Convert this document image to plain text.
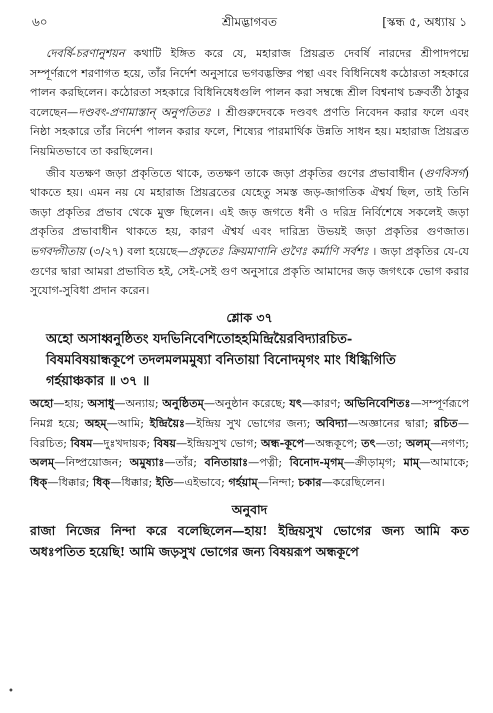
৬০	শ্রীমদ্ভাগবত	[স্কন্ধ ৫, অধ্যায় ১

দেবর্ষি-চরণানুশয়ন কথাটি ইঙ্গিত করে যে, মহারাজ প্রিয়ব্রত দেবর্ষি নারদের শ্রীপাদপদ্মে সম্পূর্ণরূপে শরণাগত হয়ে, তাঁর নির্দেশ অনুসারে ভগবদ্ভক্তির পন্থা এবং বিধিনিষেধ কঠোরতা সহকারে পালন করছিলেন। কঠোরতা সহকারে বিধিনিষেধগুলি পালন করা সম্বন্ধে শ্রীল বিশ্বনাথ চক্রবর্তী ঠাকুর বলেছেন—দণ্ডবৎ-প্রণামাস্তান্ অনুপতিতঃ । শ্রীগুরুদেবকে দণ্ডবৎ প্রণতি নিবেদন করার ফলে এবং নিষ্ঠা সহকারে তাঁর নির্দেশ পালন করার ফলে, শিষ্যের পারমার্থিক উন্নতি সাধন হয়। মহারাজ প্রিয়ব্রত নিয়মিতভাবে তা করছিলেন।

জীব যতক্ষণ জড়া প্রকৃতিতে থাকে, ততক্ষণ তাকে জড়া প্রকৃতির গুণের প্রভাবাধীন (গুণবিসর্গ) থাকতে হয়। এমন নয় যে মহারাজ প্রিয়ব্রতের যেহেতু সমস্ত জড়-জাগতিক ঐশ্বর্য ছিল, তাই তিনি জড়া প্রকৃতির প্রভাব থেকে মুক্ত ছিলেন। এই জড় জগতে ধনী ও দরিদ্র নির্বিশেষে সকলেই জড়া প্রকৃতির প্রভাবাধীন থাকতে হয়, কারণ ঐশ্বর্য এবং দারিদ্র্য উভয়ই জড়া প্রকৃতির গুণজাত। ভগবদ্গীতায় (৩/২৭) বলা হয়েছে—প্রকৃতেঃ ক্রিয়মাণানি গুণৈঃ কর্মাণি সর্বশঃ । জড়া প্রকৃতির যে-যে গুণের দ্বারা আমরা প্রভাবিত হই, সেই-সেই গুণ অনুসারে প্রকৃতি আমাদের জড় জগৎকে ভোগ করার সুযোগ-সুবিধা প্রদান করেন।

শ্লোক ৩৭

অহো অসাধ্বনুষ্ঠিতং যদভিনিবেশিতোহহমিন্দ্রিয়ৈরবিদ্যারচিত-
বিষমবিষয়ান্ধকূপে তদলমলমমুষ্যা বনিতায়া বিনোদমৃগং মাং ধিগ্ধিগিতি
গর্হয়াঞ্চকার ॥ ৩৭ ॥

অহো—হায়; অসাধু—অন্যায়; অনুষ্ঠিতম্—অনুষ্ঠান করেছে; যৎ—কারণ; অভিনিবেশিতঃ—সম্পূর্ণরূপে নিমগ্ন হয়ে; অহম্—আমি; ইন্দ্রিয়ৈঃ—ইন্দ্রিয় সুখ ভোগের জন্য; অবিদ্যা—অজ্ঞানের দ্বারা; রচিত—বিরচিত; বিষম—দুঃখদায়ক; বিষয়—ইন্দ্রিয়সুখ ভোগ; অন্ধ-কূপে—অন্ধকূপে; তৎ—তা; অলম্—নগণ্য; অলম্—নিষ্প্রয়োজন; অমুষ্যাঃ—তাঁর; বনিতায়াঃ—পত্নী; বিনোদ-মৃগম্—ক্রীড়ামৃগ; মাম্—আমাকে; ধিক্—ধিক্কার; ধিক্—ধিক্কার; ইতি—এইভাবে; গর্হয়াম্—নিন্দা; চকার—করেছিলেন।

অনুবাদ

রাজা নিজের নিন্দা করে বলেছিলেন—হায়! ইন্দ্রিয়সুখ ভোগের জন্য আমি কত অধঃপতিত হয়েছি! আমি জড়সুখ ভোগের জন্য বিষয়রূপ অন্ধকূপে

•
